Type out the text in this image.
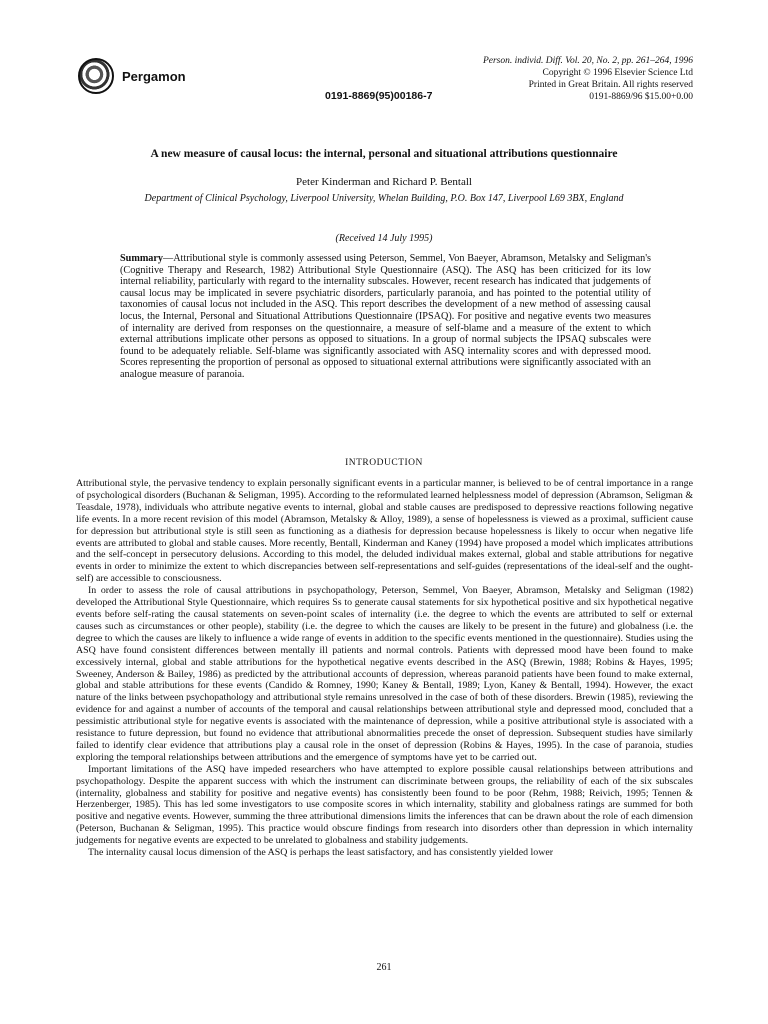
Pergamon
Person. individ. Diff. Vol. 20, No. 2, pp. 261–264, 1996
Copyright © 1996 Elsevier Science Ltd
Printed in Great Britain. All rights reserved
0191-8869/96 $15.00+0.00
0191-8869(95)00186-7
A new measure of causal locus: the internal, personal and situational attributions questionnaire
Peter Kinderman and Richard P. Bentall
Department of Clinical Psychology, Liverpool University, Whelan Building, P.O. Box 147, Liverpool L69 3BX, England
(Received 14 July 1995)
Summary—Attributional style is commonly assessed using Peterson, Semmel, Von Baeyer, Abramson, Metalsky and Seligman's (Cognitive Therapy and Research, 1982) Attributional Style Questionnaire (ASQ). The ASQ has been criticized for its low internal reliability, particularly with regard to the internality subscales. However, recent research has indicated that judgements of causal locus may be implicated in severe psychiatric disorders, particularly paranoia, and has pointed to the potential utility of taxonomies of causal locus not included in the ASQ. This report describes the development of a new method of assessing causal locus, the Internal, Personal and Situational Attributions Questionnaire (IPSAQ). For positive and negative events two measures of internality are derived from responses on the questionnaire, a measure of self-blame and a measure of the extent to which external attributions implicate other persons as opposed to situations. In a group of normal subjects the IPSAQ subscales were found to be adequately reliable. Self-blame was significantly associated with ASQ internality scores and with depressed mood. Scores representing the proportion of personal as opposed to situational external attributions were significantly associated with an analogue measure of paranoia.
INTRODUCTION

Attributional style, the pervasive tendency to explain personally significant events in a particular manner, is believed to be of central importance in a range of psychological disorders (Buchanan & Seligman, 1995). According to the reformulated learned helplessness model of depression (Abramson, Seligman & Teasdale, 1978), individuals who attribute negative events to internal, global and stable causes are predisposed to depressive reactions following negative life events. In a more recent revision of this model (Abramson, Metalsky & Alloy, 1989), a sense of hopelessness is viewed as a proximal, sufficient cause for depression but attributional style is still seen as functioning as a diathesis for depression because hopelessness is likely to occur when negative life events are attributed to global and stable causes. More recently, Bentall, Kinderman and Kaney (1994) have proposed a model which implicates attributions and the self-concept in persecutory delusions. According to this model, the deluded individual makes external, global and stable attributions for negative events in order to minimize the extent to which discrepancies between self-representations and self-guides (representations of the ideal-self and the ought-self) are accessible to consciousness.

In order to assess the role of causal attributions in psychopathology, Peterson, Semmel, Von Baeyer, Abramson, Metalsky and Seligman (1982) developed the Attributional Style Questionnaire, which requires Ss to generate causal statements for six hypothetical positive and six hypothetical negative events before self-rating the causal statements on seven-point scales of internality (i.e. the degree to which the events are attributed to self or external causes such as circumstances or other people), stability (i.e. the degree to which the causes are likely to be present in the future) and globalness (i.e. the degree to which the causes are likely to influence a wide range of events in addition to the specific events mentioned in the questionnaire). Studies using the ASQ have found consistent differences between mentally ill patients and normal controls. Patients with depressed mood have been found to make excessively internal, global and stable attributions for the hypothetical negative events described in the ASQ (Brewin, 1988; Robins & Hayes, 1995; Sweeney, Anderson & Bailey, 1986) as predicted by the attributional accounts of depression, whereas paranoid patients have been found to make external, global and stable attributions for these events (Candido & Romney, 1990; Kaney & Bentall, 1989; Lyon, Kaney & Bentall, 1994). However, the exact nature of the links between psychopathology and attributional style remains unresolved in the case of both of these disorders. Brewin (1985), reviewing the evidence for and against a number of accounts of the temporal and causal relationships between attributional style and depressed mood, concluded that a pessimistic attributional style for negative events is associated with the maintenance of depression, while a positive attributional style is associated with a resistance to future depression, but found no evidence that attributional abnormalities precede the onset of depression. Subsequent studies have similarly failed to identify clear evidence that attributions play a causal role in the onset of depression (Robins & Hayes, 1995). In the case of paranoia, studies exploring the temporal relationships between attributions and the emergence of symptoms have yet to be carried out.

Important limitations of the ASQ have impeded researchers who have attempted to explore possible causal relationships between attributions and psychopathology. Despite the apparent success with which the instrument can discriminate between groups, the reliability of each of the six subscales (internality, globalness and stability for positive and negative events) has consistently been found to be poor (Rehm, 1988; Reivich, 1995; Tennen & Herzenberger, 1985). This has led some investigators to use composite scores in which internality, stability and globalness ratings are summed for both positive and negative events. However, summing the three attributional dimensions limits the inferences that can be drawn about the role of each dimension (Peterson, Buchanan & Seligman, 1995). This practice would obscure findings from research into disorders other than depression in which internality judgements for negative events are expected to be unrelated to globalness and stability judgements.

The internality causal locus dimension of the ASQ is perhaps the least satisfactory, and has consistently yielded lower

261
